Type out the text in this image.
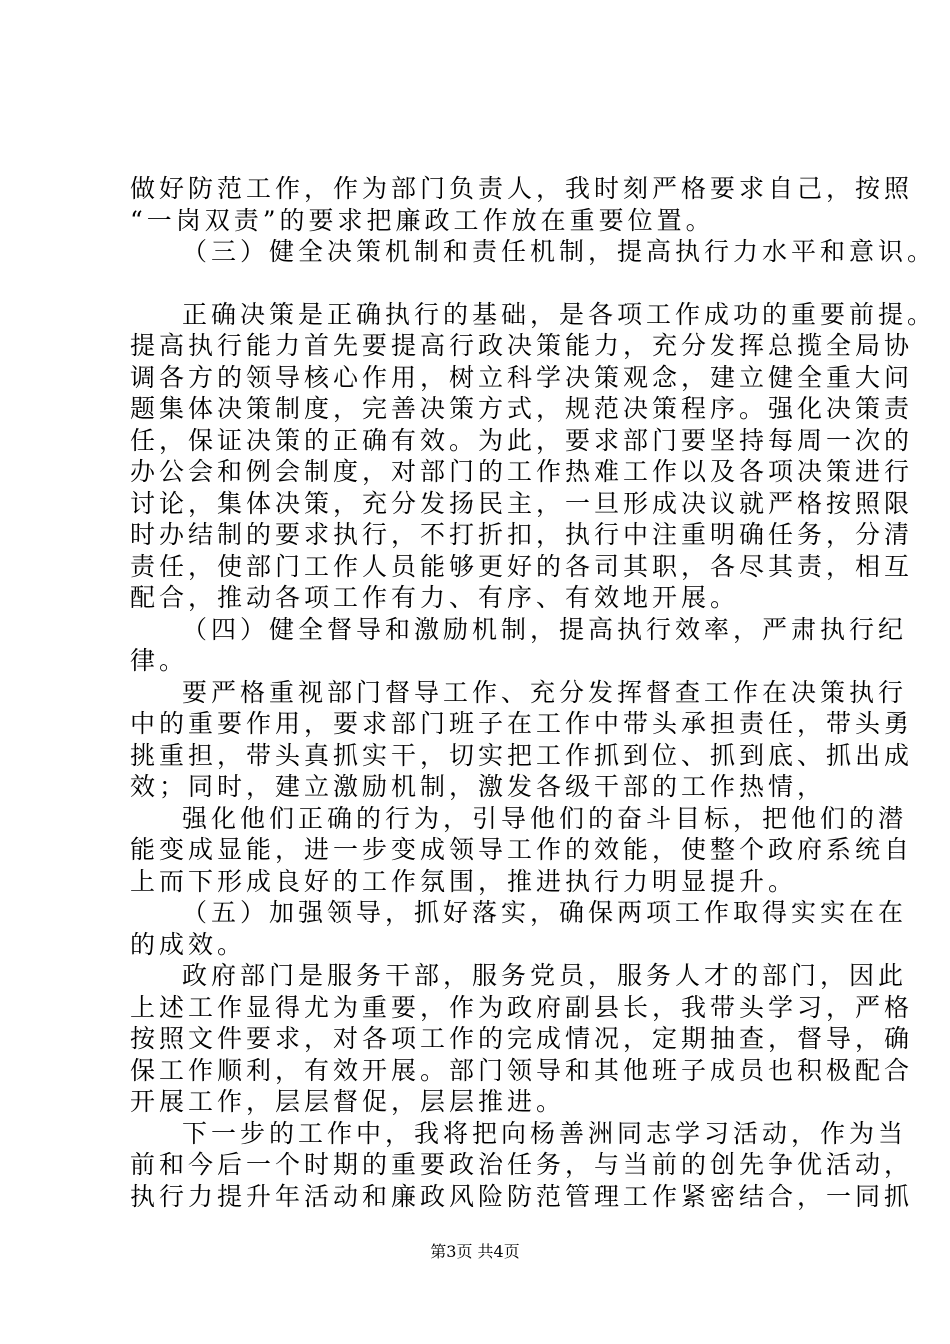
做好防范工作，作为部门负责人，我时刻严格要求自己，按照
“一岗双责”的要求把廉政工作放在重要位置。
（三）健全决策机制和责任机制，提高执行力水平和意识。
正确决策是正确执行的基础，是各项工作成功的重要前提。
提高执行能力首先要提高行政决策能力，充分发挥总揽全局协
调各方的领导核心作用，树立科学决策观念，建立健全重大问
题集体决策制度，完善决策方式，规范决策程序。强化决策责
任，保证决策的正确有效。为此，要求部门要坚持每周一次的
办公会和例会制度，对部门的工作热难工作以及各项决策进行
讨论，集体决策，充分发扬民主，一旦形成决议就严格按照限
时办结制的要求执行，不打折扣，执行中注重明确任务，分清
责任，使部门工作人员能够更好的各司其职，各尽其责，相互
配合，推动各项工作有力、有序、有效地开展。
（四）健全督导和激励机制，提高执行效率，严肃执行纪
律。
要严格重视部门督导工作、充分发挥督查工作在决策执行
中的重要作用，要求部门班子在工作中带头承担责任，带头勇
挑重担，带头真抓实干，切实把工作抓到位、抓到底、抓出成
效；同时，建立激励机制，激发各级干部的工作热情，
强化他们正确的行为，引导他们的奋斗目标，把他们的潜
能变成显能，进一步变成领导工作的效能，使整个政府系统自
上而下形成良好的工作氛围，推进执行力明显提升。
（五）加强领导，抓好落实，确保两项工作取得实实在在
的成效。
政府部门是服务干部，服务党员，服务人才的部门，因此
上述工作显得尤为重要，作为政府副县长，我带头学习，严格
按照文件要求，对各项工作的完成情况，定期抽查，督导，确
保工作顺利，有效开展。部门领导和其他班子成员也积极配合
开展工作，层层督促，层层推进。
下一步的工作中，我将把向杨善洲同志学习活动，作为当
前和今后一个时期的重要政治任务，与当前的创先争优活动，
执行力提升年活动和廉政风险防范管理工作紧密结合，一同抓
第3页 共4页
